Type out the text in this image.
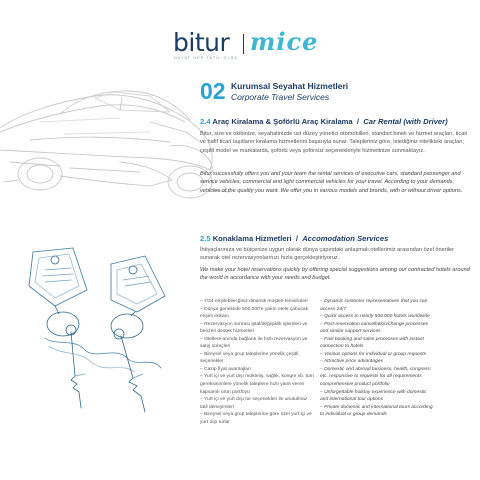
bitur mice
HAYAT HEP TATİL OLSA
02 Kurumsal Seyahat Hizmetleri
Corporate Travel Services
2.4 Araç Kiralama & Şoförlü Araç Kiralama / Car Rental (with Driver)
Bitur, size ve ekibinize, seyahatinizde üst düzey yönetici otomobilleri, standart binek ve hizmet araçları, ticari ve hafif ticari taşıtların kiralama hizmetlerini başarıyla sunar. Talepleriniz göre, istediğiniz nitelikteki araçları; çeşitli model ve markalarda, şoförlü veya şoförsüz seçenekleriyle hizmetinize sunmaktayız.
Bitur successfully offers you and your team the rental services of executive cars, standard passenger and service vehicles, commercial and light commercial vehicles for your travel. According to your demands, vehicles of the quality you want. We offer you in various models and brands, with or without driver options.
2.5 Konaklama Hizmetleri / Accomodation Services
İhtiyaçlarınıza ve bütçenize uygun olarak dünya çapındaki anlaşmalı otellerimiz arasından özel öneriler sunarak otel rezervasyonlarınızı hızla gerçekleştiriyoruz.
We make your hotel reservations quickly by offering special suggestions among our contracted hotels around the world in accordance with your needs and budget.
– 7/24 erişilebilecğiniz dinamik müşteri temsilcileri
– Dünya genelinde 500.000'e yakın otele çabucak
erişim imkanı
– Rezervasyon sonrası iptal/değişiklik işlemleri ve
benzeri destek hizmetleri
– Otellere anında bağlantı ile hızlı rezervasyon ve
satış süreçleri
– Bireysel veya grup taleplerine yönelik çeşitli
seçenekler
– Cazip fiyat avantajları
– Yurt içi ve yurt dışı mükteliş, sağlık, kongre vb. tüm
gereksinimlere yönelik taleplere hızlı yanıt veren
kapsamlı ürün portföyü
– Yurt içi ve yurt dışı tur seçenekleri ile unutulmaz
tatil deneyimleri
– Bireysel veya grup taleplerine göre özel yurt içi ve
yurt dışı turlar
– Dynamic customer representatives that you can
access 24/7
– Quick access to nearly 500.000 hotels worldwide
– Post-reservation cancellation/change processes
and similar support services
– Fast booking and sales processes with instant
connection to hotels
– Various options for individual or group requests
– Attractive price advantages
– Domestic and abroad business, health, congress;
etc. responsive to requests for all requirements
comprehensive product portfolio
– Unforgettable holiday experience with domestic
and international tour options
– Private domestic and international tours according
to individual or group demands
